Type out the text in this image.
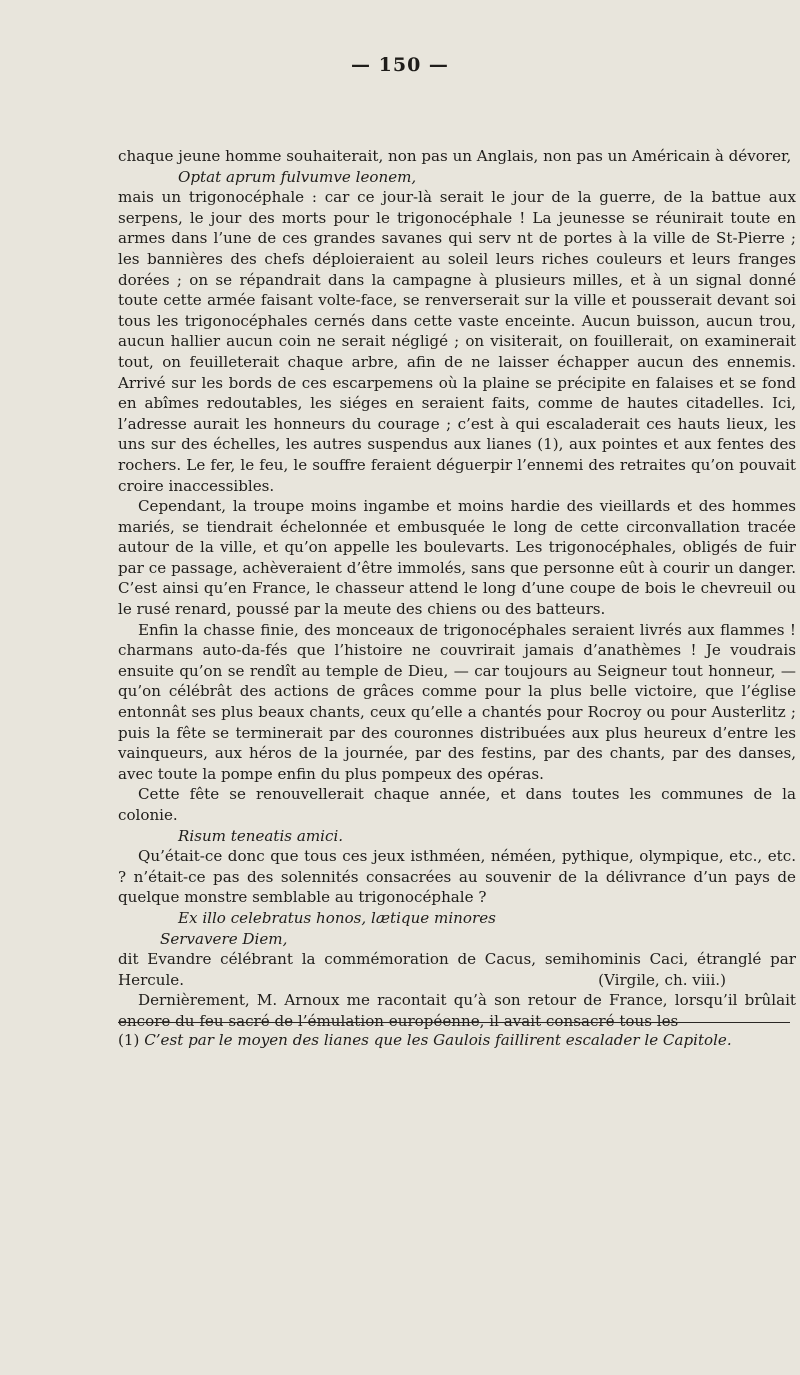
— 150 —

chaque jeune homme souhaiterait, non pas un Anglais, non pas un Américain à dévorer,

Optat aprum fulvumve leonem,

mais un trigonocéphale : car ce jour-là serait le jour de la guerre, de la battue aux serpens, le jour des morts pour le trigonocéphale ! La jeunesse se réunirait toute en armes dans l’une de ces grandes savanes qui serv nt de portes à la ville de St-Pierre ; les bannières des chefs déploieraient au soleil leurs riches couleurs et leurs franges dorées ; on se répandrait dans la campagne à plusieurs milles, et à un signal donné toute cette armée faisant volte-face, se renverserait sur la ville et pousserait devant soi tous les trigonocéphales cernés dans cette vaste enceinte. Aucun buisson, aucun trou, aucun hallier aucun coin ne serait négligé ; on visiterait, on fouillerait, on examinerait tout, on feuilleterait chaque arbre, afin de ne laisser échapper aucun des ennemis. Arrivé sur les bords de ces escarpemens où la plaine se précipite en falaises et se fond en abîmes redoutables, les siéges en seraient faits, comme de hautes citadelles. Ici, l’adresse aurait les honneurs du courage ; c’est à qui escaladerait ces hauts lieux, les uns sur des échelles, les autres suspendus aux lianes (1), aux pointes et aux fentes des rochers. Le fer, le feu, le souffre feraient déguerpir l’ennemi des retraites qu’on pouvait croire inaccessibles.

Cependant, la troupe moins ingambe et moins hardie des vieillards et des hommes mariés, se tiendrait échelonnée et embusquée le long de cette circonvallation tracée autour de la ville, et qu’on appelle les boulevarts. Les trigonocéphales, obligés de fuir par ce passage, achèveraient d’être immolés, sans que personne eût à courir un danger. C’est ainsi qu’en France, le chasseur attend le long d’une coupe de bois le chevreuil ou le rusé renard, poussé par la meute des chiens ou des batteurs.

Enfin la chasse finie, des monceaux de trigonocéphales seraient livrés aux flammes ! charmans auto-da-fés que l’histoire ne couvrirait jamais d’anathèmes ! Je voudrais ensuite qu’on se rendît au temple de Dieu, — car toujours au Seigneur tout honneur, — qu’on célébrât des actions de grâces comme pour la plus belle victoire, que l’église entonnât ses plus beaux chants, ceux qu’elle a chantés pour Rocroy ou pour Austerlitz ; puis la fête se terminerait par des couronnes distribuées aux plus heureux d’entre les vainqueurs, aux héros de la journée, par des festins, par des chants, par des danses, avec toute la pompe enfin du plus pompeux des opéras.

Cette fête se renouvellerait chaque année, et dans toutes les communes de la colonie.

Risum teneatis amici.

Qu’était-ce donc que tous ces jeux isthméen, néméen, pythique, olympique, etc., etc. ? n’était-ce pas des solennités consacrées au souvenir de la délivrance d’un pays de quelque monstre semblable au trigonocéphale ?

Ex illo celebratus honos, lætique minores

Servavere Diem,

dit Evandre célébrant la commémoration de Cacus, semihominis Caci, étranglé par Hercule.	(Virgile, ch. viii.)

Dernièrement, M. Arnoux me racontait qu’à son retour de France, lorsqu’il brûlait encore du feu sacré de l’émulation européenne, il avait consacré tous les

(1) C’est par le moyen des lianes que les Gaulois faillirent escalader le Capitole.
